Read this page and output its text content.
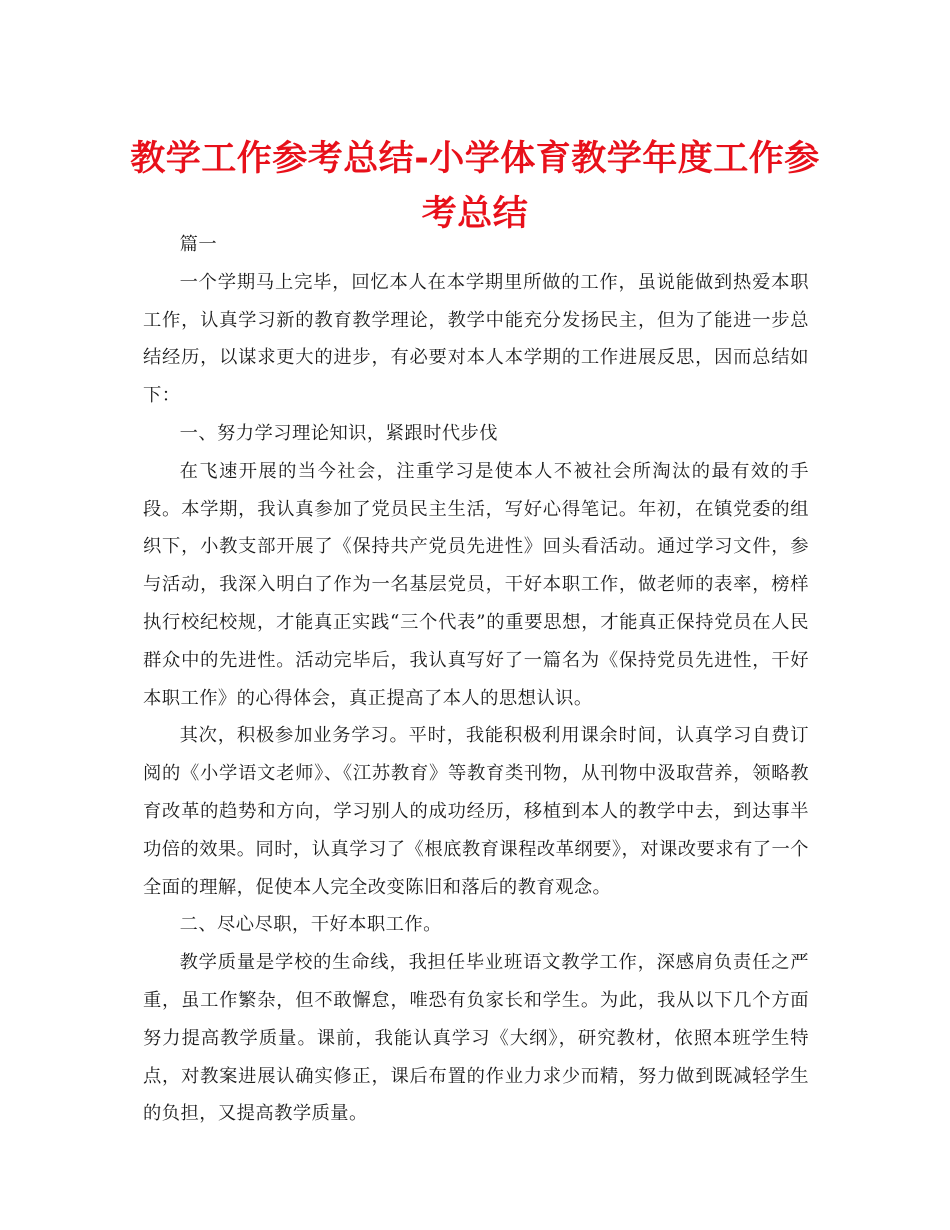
教学工作参考总结-小学体育教学年度工作参考总结

篇一

一个学期马上完毕，回忆本人在本学期里所做的工作，虽说能做到热爱本职工作，认真学习新的教育教学理论，教学中能充分发扬民主，但为了能进一步总结经历，以谋求更大的进步，有必要对本人本学期的工作进展反思，因而总结如下：

一、努力学习理论知识，紧跟时代步伐

在飞速开展的当今社会，注重学习是使本人不被社会所淘汰的最有效的手段。本学期，我认真参加了党员民主生活，写好心得笔记。年初，在镇党委的组织下，小教支部开展了《保持共产党员先进性》回头看活动。通过学习文件，参与活动，我深入明白了作为一名基层党员，干好本职工作，做老师的表率，榜样执行校纪校规，才能真正实践“三个代表”的重要思想，才能真正保持党员在人民群众中的先进性。活动完毕后，我认真写好了一篇名为《保持党员先进性，干好本职工作》的心得体会，真正提高了本人的思想认识。

其次，积极参加业务学习。平时，我能积极利用课余时间，认真学习自费订阅的《小学语文老师》、《江苏教育》等教育类刊物，从刊物中汲取营养，领略教育改革的趋势和方向，学习别人的成功经历，移植到本人的教学中去，到达事半功倍的效果。同时，认真学习了《根底教育课程改革纲要》，对课改要求有了一个全面的理解，促使本人完全改变陈旧和落后的教育观念。

二、尽心尽职，干好本职工作。

教学质量是学校的生命线，我担任毕业班语文教学工作，深感肩负责任之严重，虽工作繁杂，但不敢懈怠，唯恐有负家长和学生。为此，我从以下几个方面努力提高教学质量。课前，我能认真学习《大纲》，研究教材，依照本班学生特点，对教案进展认确实修正，课后布置的作业力求少而精，努力做到既减轻学生的负担，又提高教学质量。
